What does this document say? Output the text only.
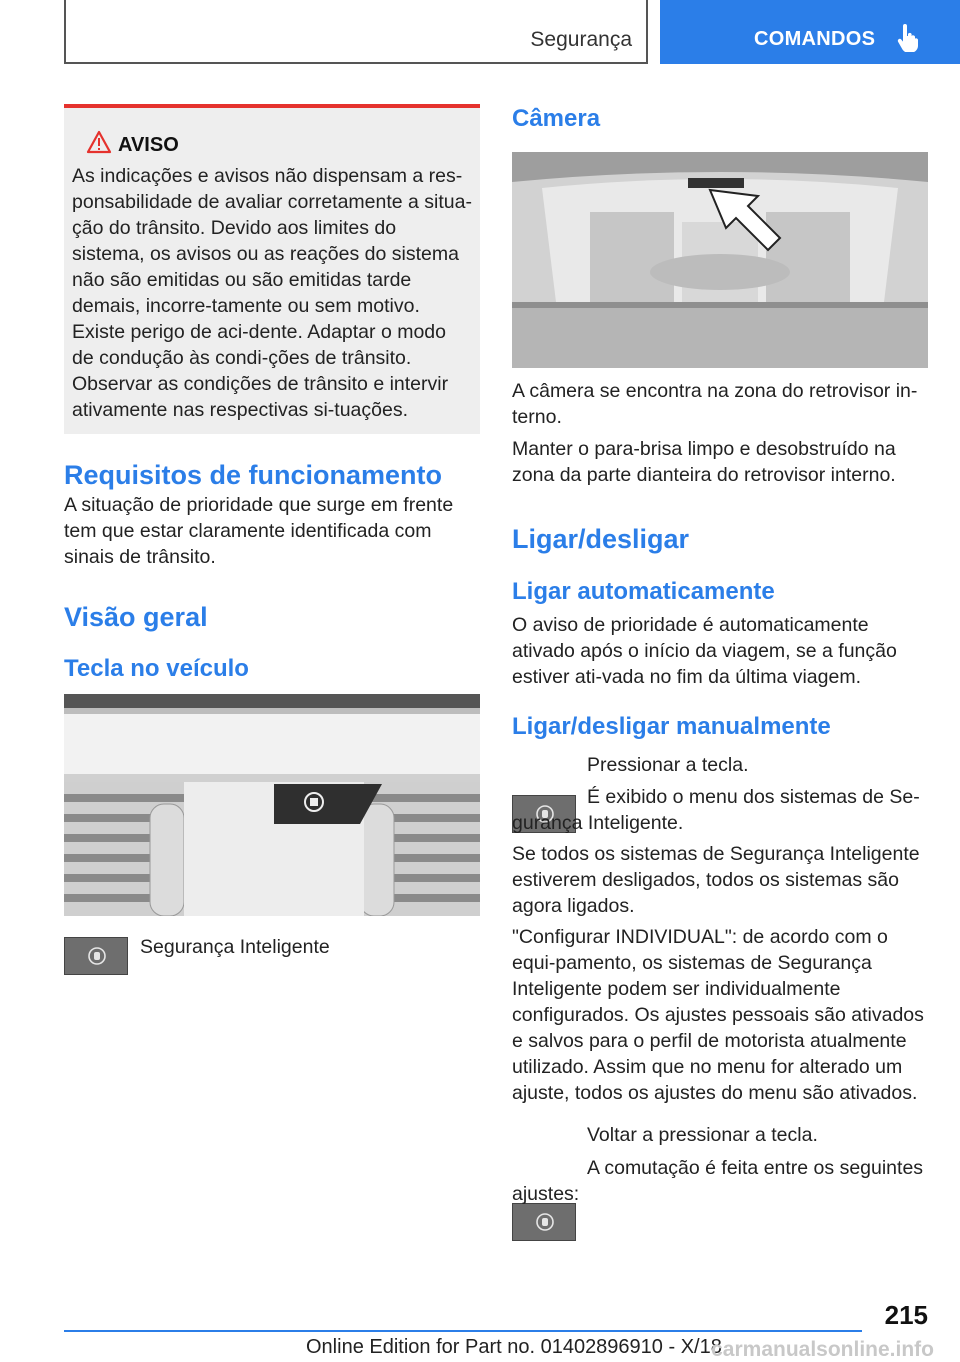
Segurança	COMANDOS
AVISO

As indicações e avisos não dispensam a res-ponsabilidade de avaliar corretamente a situa-ção do trânsito. Devido aos limites do sistema, os avisos ou as reações do sistema não são emitidas ou são emitidas tarde demais, incorre-tamente ou sem motivo. Existe perigo de aci-dente. Adaptar o modo de condução às condi-ções de trânsito. Observar as condições de trânsito e intervir ativamente nas respectivas si-tuações.

Requisitos de funcionamento

A situação de prioridade que surge em frente tem que estar claramente identificada com sinais de trânsito.

Visão geral
Tecla no veículo

Segurança Inteligente

Câmera

A câmera se encontra na zona do retrovisor in-terno.

Manter o para-brisa limpo e desobstruído na zona da parte dianteira do retrovisor interno.

Ligar/desligar
Ligar automaticamente

O aviso de prioridade é automaticamente ativado após o início da viagem, se a função estiver ati-vada no fim da última viagem.

Ligar/desligar manualmente

Pressionar a tecla.

É exibido o menu dos sistemas de Se-gurança Inteligente.

Se todos os sistemas de Segurança Inteligente estiverem desligados, todos os sistemas são agora ligados.

"Configurar INDIVIDUAL": de acordo com o equi-pamento, os sistemas de Segurança Inteligente podem ser individualmente configurados. Os ajustes pessoais são ativados e salvos para o perfil de motorista atualmente utilizado. Assim que no menu for alterado um ajuste, todos os ajustes do menu são ativados.

Voltar a pressionar a tecla.

A comutação é feita entre os seguintes ajustes:

215
Online Edition for Part no. 01402896910 - X/18
carmanualsonline.info
